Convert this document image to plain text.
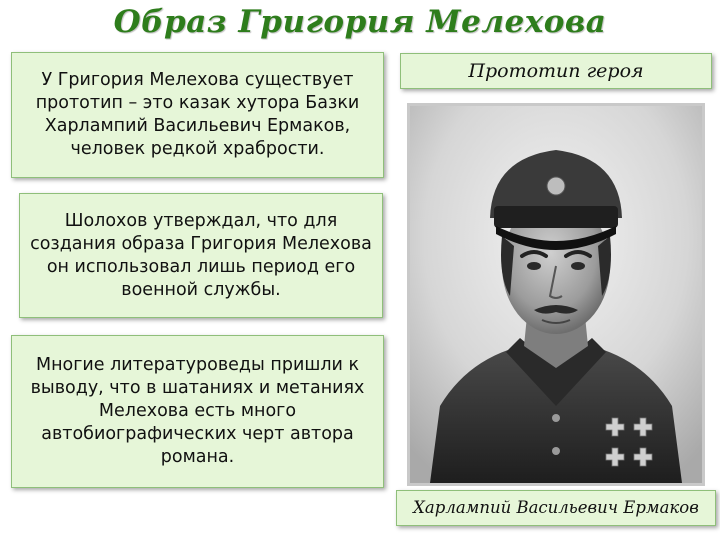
Образ Григория Мелехова
У Григория Мелехова существует прототип – это казак хутора Базки Харлампий Васильевич Ермаков, человек редкой храбрости.
Шолохов утверждал, что для создания образа Григория Мелехова он использовал лишь период его военной службы.
Многие литературоведы пришли к выводу, что в шатаниях и метаниях Мелехова есть много автобиографических черт автора романа.
Прототип героя
Харлампий Васильевич Ермаков
